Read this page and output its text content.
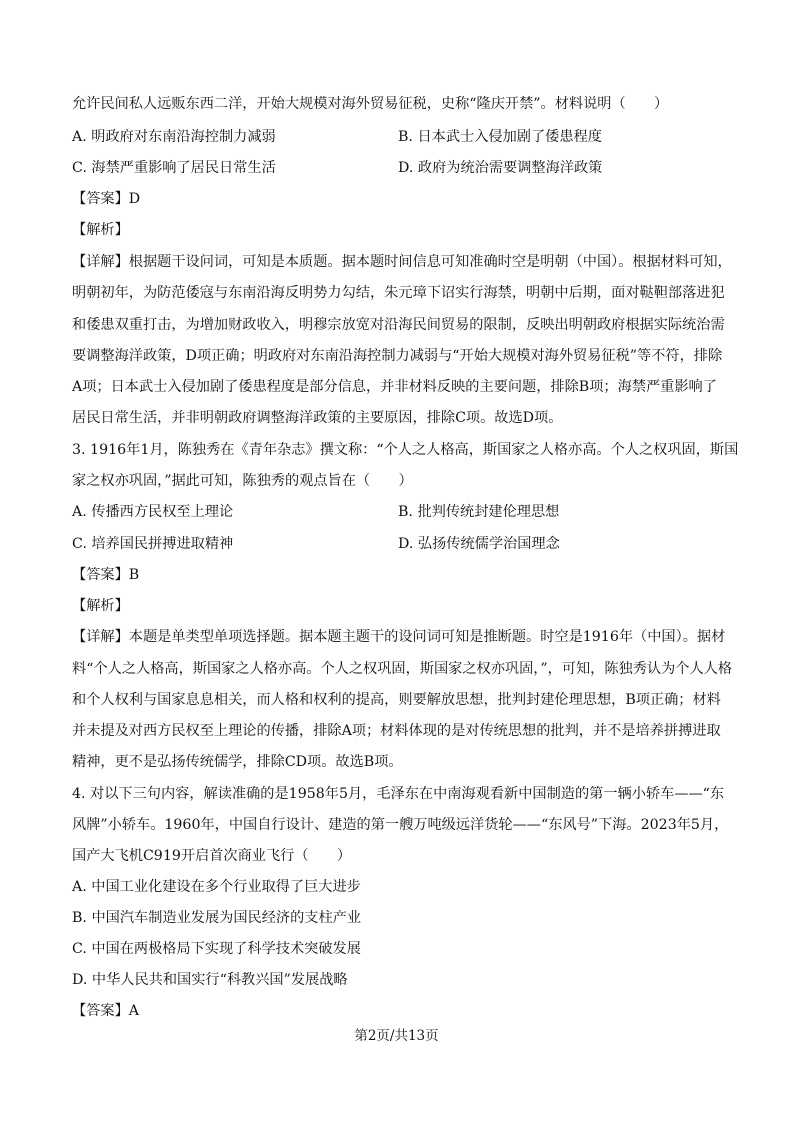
允许民间私人远贩东西二洋，开始大规模对海外贸易征税，史称“隆庆开禁”。材料说明（　　）
A. 明政府对东南沿海控制力减弱	B. 日本武士入侵加剧了倭患程度
C. 海禁严重影响了居民日常生活	D. 政府为统治需要调整海洋政策
【答案】D
【解析】
【详解】根据题干设问词，可知是本质题。据本题时间信息可知准确时空是明朝（中国）。根据材料可知，
明朝初年，为防范倭寇与东南沿海反明势力勾结，朱元璋下诏实行海禁，明朝中后期，面对鞑靼部落进犯
和倭患双重打击，为增加财政收入，明穆宗放宽对沿海民间贸易的限制，反映出明朝政府根据实际统治需
要调整海洋政策，D项正确；明政府对东南沿海控制力减弱与“开始大规模对海外贸易征税”等不符，排除
A项；日本武士入侵加剧了倭患程度是部分信息，并非材料反映的主要问题，排除B项；海禁严重影响了
居民日常生活，并非明朝政府调整海洋政策的主要原因，排除C项。故选D项。
3. 1916年1月，陈独秀在《青年杂志》撰文称：“个人之人格高，斯国家之人格亦高。个人之权巩固，斯国
家之权亦巩固，”据此可知，陈独秀的观点旨在（　　）
A. 传播西方民权至上理论	B. 批判传统封建伦理思想
C. 培养国民拼搏进取精神	D. 弘扬传统儒学治国理念
【答案】B
【解析】
【详解】本题是单类型单项选择题。据本题主题干的设问词可知是推断题。时空是1916年（中国）。据材
料“个人之人格高，斯国家之人格亦高。个人之权巩固，斯国家之权亦巩固，”，可知，陈独秀认为个人人格
和个人权利与国家息息相关，而人格和权利的提高，则要解放思想，批判封建伦理思想，B项正确；材料
并未提及对西方民权至上理论的传播，排除A项；材料体现的是对传统思想的批判，并不是培养拼搏进取
精神，更不是弘扬传统儒学，排除CD项。故选B项。
4. 对以下三句内容，解读准确的是1958年5月，毛泽东在中南海观看新中国制造的第一辆小轿车——“东
风牌”小轿车。1960年，中国自行设计、建造的第一艘万吨级远洋货轮——“东风号”下海。2023年5月，
国产大飞机C919开启首次商业飞行（　　）
A. 中国工业化建设在多个行业取得了巨大进步
B. 中国汽车制造业发展为国民经济的支柱产业
C. 中国在两极格局下实现了科学技术突破发展
D. 中华人民共和国实行“科教兴国”发展战略
【答案】A
第2页/共13页
